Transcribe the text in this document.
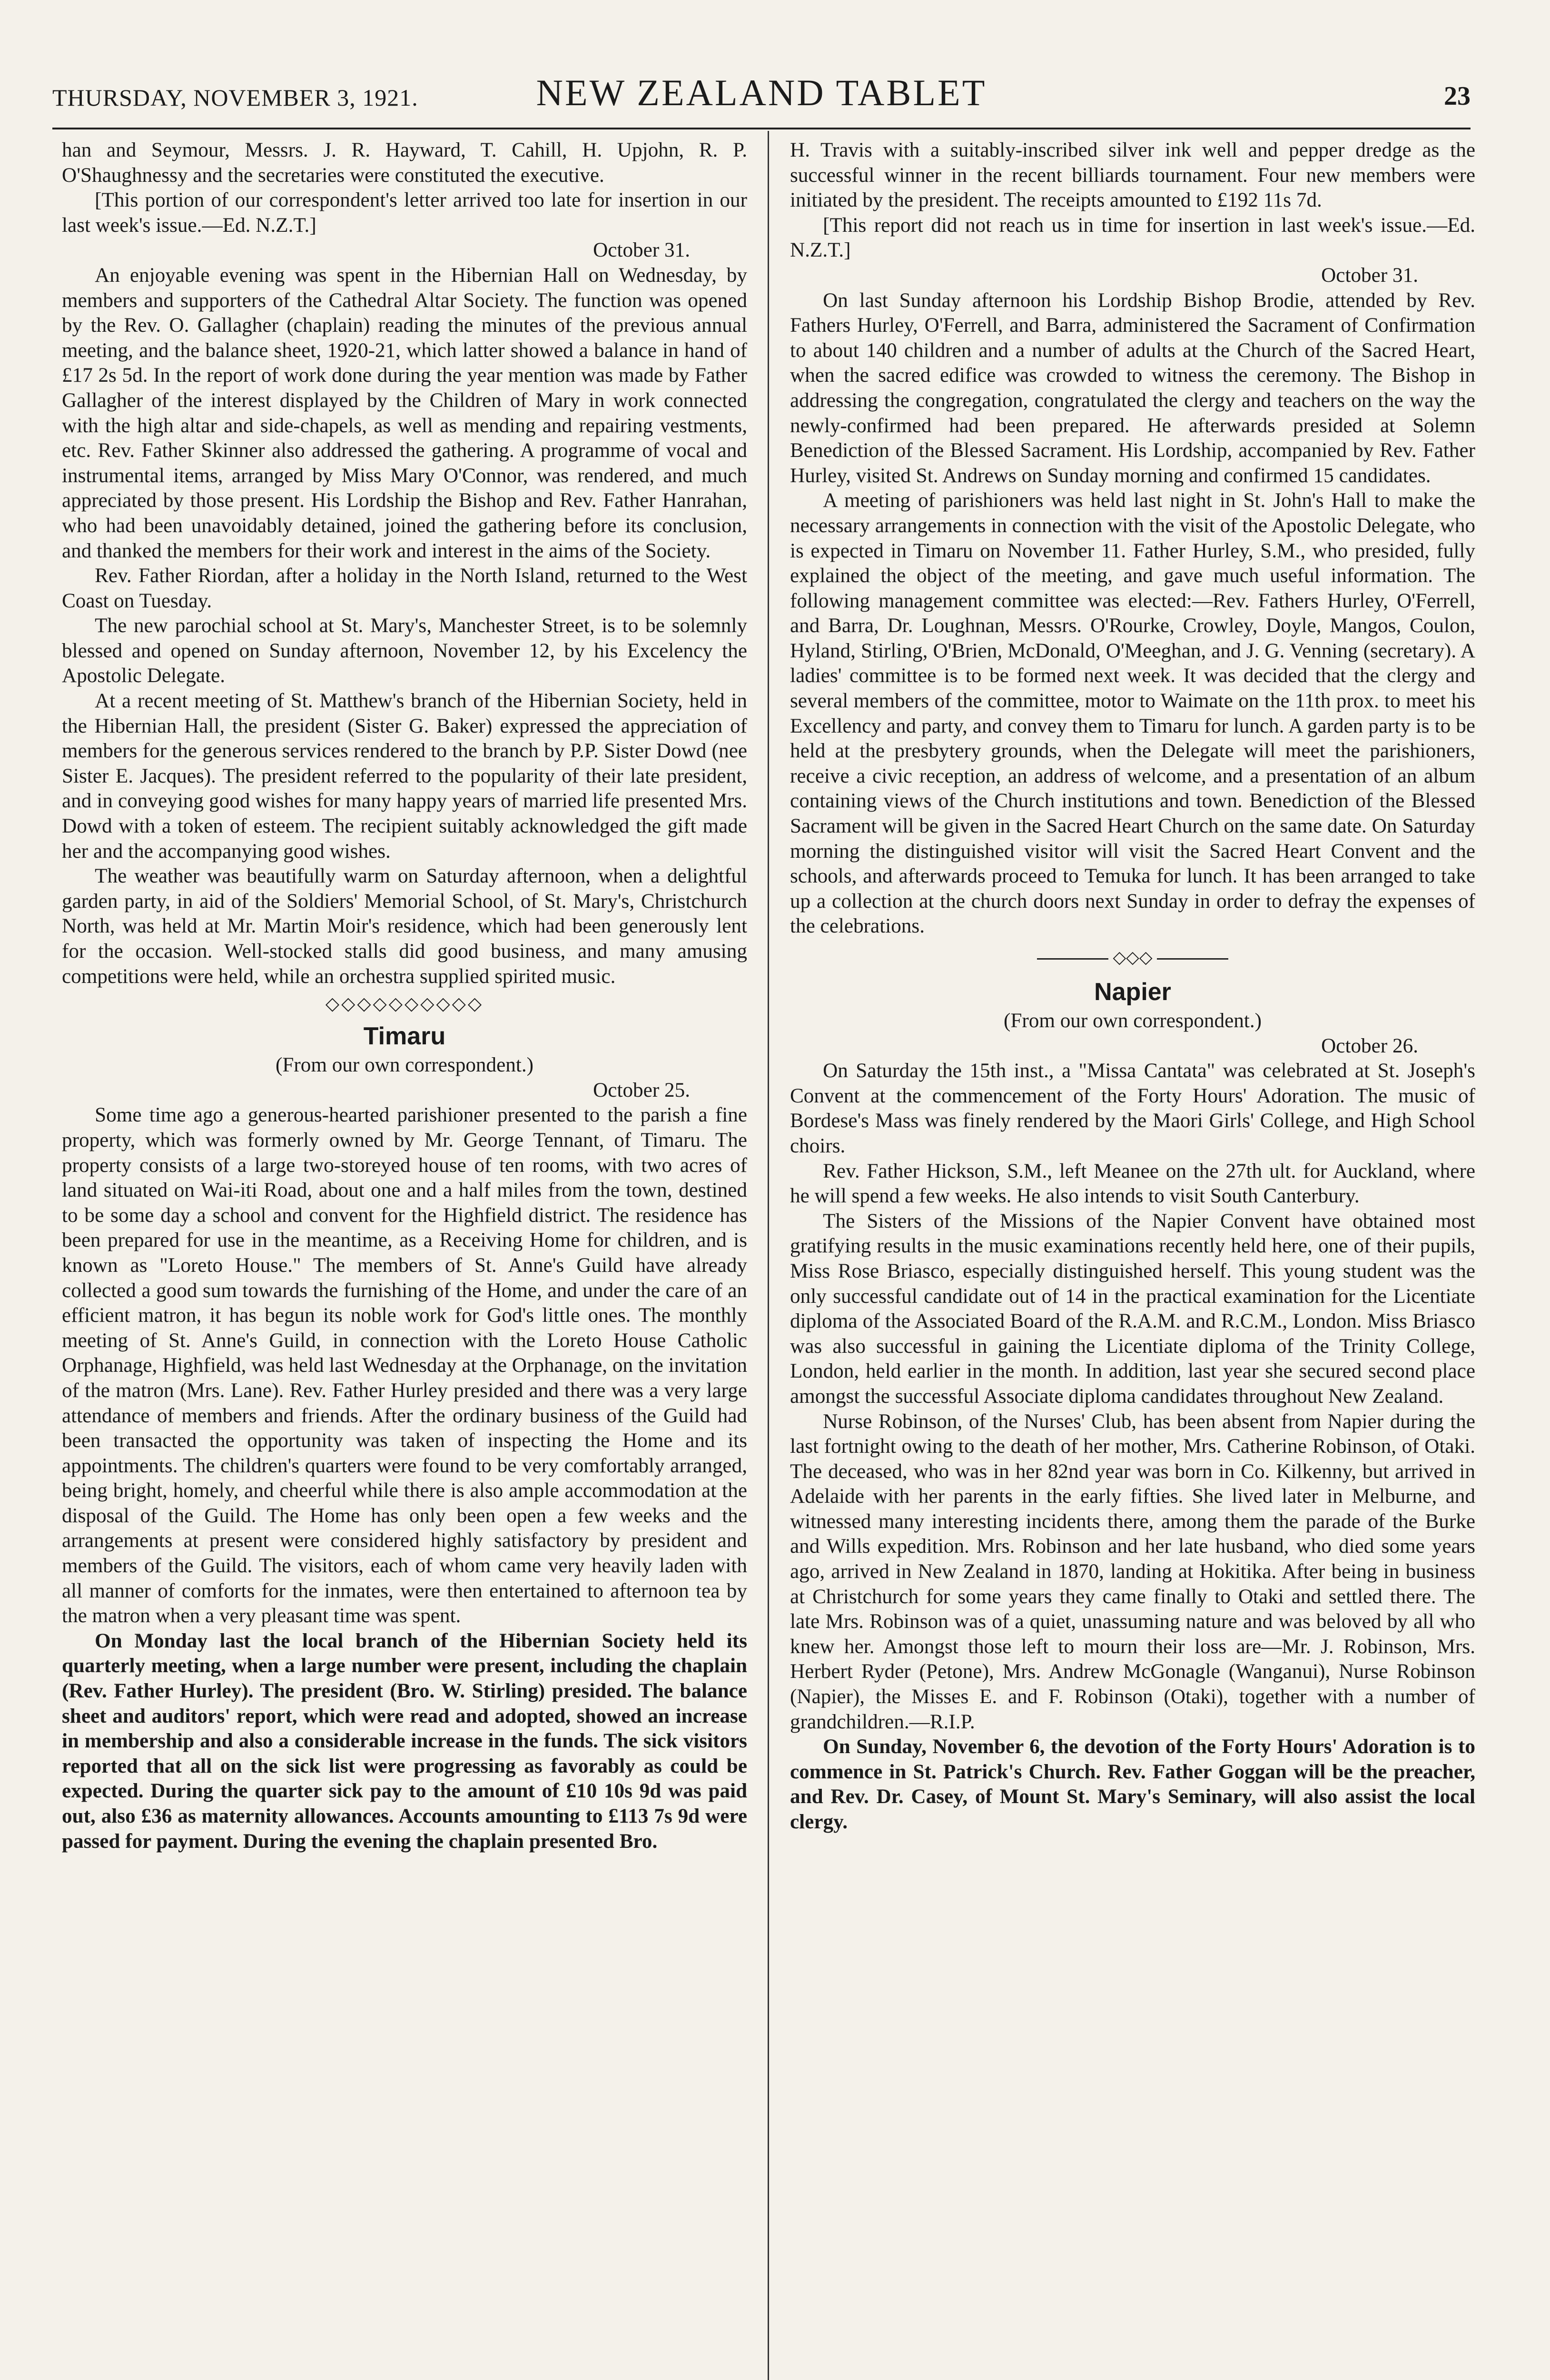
THURSDAY, NOVEMBER 3, 1921.	NEW ZEALAND TABLET	23

han and Seymour, Messrs. J. R. Hayward, T. Cahill, H. Upjohn, R. P. O'Shaughnessy and the secretaries were constituted the executive.

[This portion of our correspondent's letter arrived too late for insertion in our last week's issue.—Ed. N.Z.T.]

October 31.

An enjoyable evening was spent in the Hibernian Hall on Wednesday, by members and supporters of the Cathedral Altar Society. The function was opened by the Rev. O. Gallagher (chaplain) reading the minutes of the previous annual meeting, and the balance sheet, 1920-21, which latter showed a balance in hand of £17 2s 5d. In the report of work done during the year mention was made by Father Gallagher of the interest displayed by the Children of Mary in work connected with the high altar and side-chapels, as well as mending and repairing vestments, etc. Rev. Father Skinner also addressed the gathering. A programme of vocal and instrumental items, arranged by Miss Mary O'Connor, was rendered, and much appreciated by those present. His Lordship the Bishop and Rev. Father Hanrahan, who had been unavoidably detained, joined the gathering before its conclusion, and thanked the members for their work and interest in the aims of the Society.

Rev. Father Riordan, after a holiday in the North Island, returned to the West Coast on Tuesday.

The new parochial school at St. Mary's, Manchester Street, is to be solemnly blessed and opened on Sunday afternoon, November 12, by his Excelency the Apostolic Delegate.

At a recent meeting of St. Matthew's branch of the Hibernian Society, held in the Hibernian Hall, the president (Sister G. Baker) expressed the appreciation of members for the generous services rendered to the branch by P.P. Sister Dowd (nee Sister E. Jacques). The president referred to the popularity of their late president, and in conveying good wishes for many happy years of married life presented Mrs. Dowd with a token of esteem. The recipient suitably acknowledged the gift made her and the accompanying good wishes.

The weather was beautifully warm on Saturday afternoon, when a delightful garden party, in aid of the Soldiers' Memorial School, of St. Mary's, Christchurch North, was held at Mr. Martin Moir's residence, which had been generously lent for the occasion. Well-stocked stalls did good business, and many amusing competitions were held, while an orchestra supplied spirited music.

◇◇◇◇◇◇◇◇◇◇
Timaru

(From our own correspondent.)

October 25.

Some time ago a generous-hearted parishioner presented to the parish a fine property, which was formerly owned by Mr. George Tennant, of Timaru. The property consists of a large two-storeyed house of ten rooms, with two acres of land situated on Wai-iti Road, about one and a half miles from the town, destined to be some day a school and convent for the Highfield district. The residence has been prepared for use in the meantime, as a Receiving Home for children, and is known as "Loreto House." The members of St. Anne's Guild have already collected a good sum towards the furnishing of the Home, and under the care of an efficient matron, it has begun its noble work for God's little ones. The monthly meeting of St. Anne's Guild, in connection with the Loreto House Catholic Orphanage, Highfield, was held last Wednesday at the Orphanage, on the invitation of the matron (Mrs. Lane). Rev. Father Hurley presided and there was a very large attendance of members and friends. After the ordinary business of the Guild had been transacted the opportunity was taken of inspecting the Home and its appointments. The children's quarters were found to be very comfortably arranged, being bright, homely, and cheerful while there is also ample accommodation at the disposal of the Guild. The Home has only been open a few weeks and the arrangements at present were considered highly satisfactory by president and members of the Guild. The visitors, each of whom came very heavily laden with all manner of comforts for the inmates, were then entertained to afternoon tea by the matron when a very pleasant time was spent.

On Monday last the local branch of the Hibernian Society held its quarterly meeting, when a large number were present, including the chaplain (Rev. Father Hurley). The president (Bro. W. Stirling) presided. The balance sheet and auditors' report, which were read and adopted, showed an increase in membership and also a considerable increase in the funds. The sick visitors reported that all on the sick list were progressing as favorably as could be expected. During the quarter sick pay to the amount of £10 10s 9d was paid out, also £36 as maternity allowances. Accounts amounting to £113 7s 9d were passed for payment. During the evening the chaplain presented Bro.

H. Travis with a suitably-inscribed silver ink well and pepper dredge as the successful winner in the recent billiards tournament. Four new members were initiated by the president. The receipts amounted to £192 11s 7d.

[This report did not reach us in time for insertion in last week's issue.—Ed. N.Z.T.]

October 31.

On last Sunday afternoon his Lordship Bishop Brodie, attended by Rev. Fathers Hurley, O'Ferrell, and Barra, administered the Sacrament of Confirmation to about 140 children and a number of adults at the Church of the Sacred Heart, when the sacred edifice was crowded to witness the ceremony. The Bishop in addressing the congregation, congratulated the clergy and teachers on the way the newly-confirmed had been prepared. He afterwards presided at Solemn Benediction of the Blessed Sacrament. His Lordship, accompanied by Rev. Father Hurley, visited St. Andrews on Sunday morning and confirmed 15 candidates.

A meeting of parishioners was held last night in St. John's Hall to make the necessary arrangements in connection with the visit of the Apostolic Delegate, who is expected in Timaru on November 11. Father Hurley, S.M., who presided, fully explained the object of the meeting, and gave much useful information. The following management committee was elected:—Rev. Fathers Hurley, O'Ferrell, and Barra, Dr. Loughnan, Messrs. O'Rourke, Crowley, Doyle, Mangos, Coulon, Hyland, Stirling, O'Brien, McDonald, O'Meeghan, and J. G. Venning (secretary). A ladies' committee is to be formed next week. It was decided that the clergy and several members of the committee, motor to Waimate on the 11th prox. to meet his Excellency and party, and convey them to Timaru for lunch. A garden party is to be held at the presbytery grounds, when the Delegate will meet the parishioners, receive a civic reception, an address of welcome, and a presentation of an album containing views of the Church institutions and town. Benediction of the Blessed Sacrament will be given in the Sacred Heart Church on the same date. On Saturday morning the distinguished visitor will visit the Sacred Heart Convent and the schools, and afterwards proceed to Temuka for lunch. It has been arranged to take up a collection at the church doors next Sunday in order to defray the expenses of the celebrations.

◇◇◇
Napier

(From our own correspondent.)

October 26.

On Saturday the 15th inst., a "Missa Cantata" was celebrated at St. Joseph's Convent at the commencement of the Forty Hours' Adoration. The music of Bordese's Mass was finely rendered by the Maori Girls' College, and High School choirs.

Rev. Father Hickson, S.M., left Meanee on the 27th ult. for Auckland, where he will spend a few weeks. He also intends to visit South Canterbury.

The Sisters of the Missions of the Napier Convent have obtained most gratifying results in the music examinations recently held here, one of their pupils, Miss Rose Briasco, especially distinguished herself. This young student was the only successful candidate out of 14 in the practical examination for the Licentiate diploma of the Associated Board of the R.A.M. and R.C.M., London. Miss Briasco was also successful in gaining the Licentiate diploma of the Trinity College, London, held earlier in the month. In addition, last year she secured second place amongst the successful Associate diploma candidates throughout New Zealand.

Nurse Robinson, of the Nurses' Club, has been absent from Napier during the last fortnight owing to the death of her mother, Mrs. Catherine Robinson, of Otaki. The deceased, who was in her 82nd year was born in Co. Kilkenny, but arrived in Adelaide with her parents in the early fifties. She lived later in Melburne, and witnessed many interesting incidents there, among them the parade of the Burke and Wills expedition. Mrs. Robinson and her late husband, who died some years ago, arrived in New Zealand in 1870, landing at Hokitika. After being in business at Christchurch for some years they came finally to Otaki and settled there. The late Mrs. Robinson was of a quiet, unassuming nature and was beloved by all who knew her. Amongst those left to mourn their loss are—Mr. J. Robinson, Mrs. Herbert Ryder (Petone), Mrs. Andrew McGonagle (Wanganui), Nurse Robinson (Napier), the Misses E. and F. Robinson (Otaki), together with a number of grandchildren.—R.I.P.

On Sunday, November 6, the devotion of the Forty Hours' Adoration is to commence in St. Patrick's Church. Rev. Father Goggan will be the preacher, and Rev. Dr. Casey, of Mount St. Mary's Seminary, will also assist the local clergy.
